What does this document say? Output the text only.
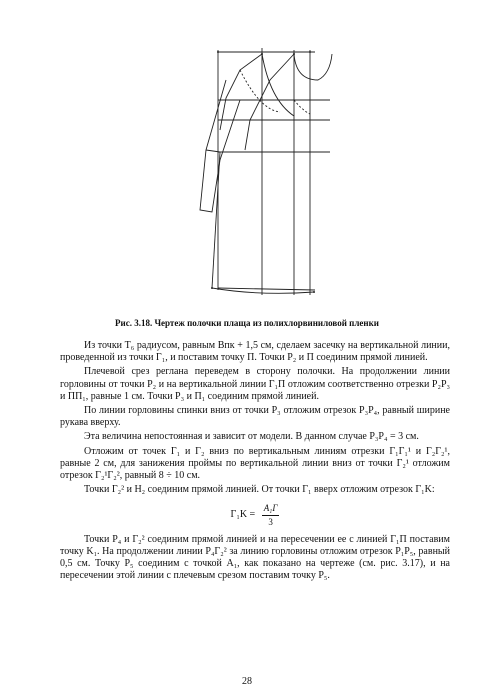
Рис. 3.18. Чертеж полочки плаща из полихлорвиниловой пленки

Из точки T₆ радиусом, равным Впк + 1,5 см, сделаем засечку на вертикальной линии, проведенной из точки Г₁, и поставим точку П. Точки P₂ и П соединим прямой линией.

Плечевой срез реглана переведем в сторону полочки. На продолжении линии горловины от точки P₂ и на вертикальной линии Г₁П отложим соответственно отрезки P₂P₃ и ПП₁, равные 1 см. Точки P₃ и П₁ соединим прямой линией.

По линии горловины спинки вниз от точки P₃ отложим отрезок P₃P₄, равный ширине рукава вверху.

Эта величина непостоянная и зависит от модели. В данном случае P₃P₄ = 3 см.

Отложим от точек Г₁ и Г₂ вниз по вертикальным линиям отрезки Г₁Г₁¹ и Г₂Г₂¹, равные 2 см, для занижения проймы по вертикальной линии вниз от точки Г₂¹ отложим отрезок Г₂¹Г₂², равный 8 ÷ 10 см.

Точки Г₂² и H₂ соединим прямой линией. От точки Г₁ вверх отложим отрезок Г₁K:

$Г_1K = \frac{\text{A₁Г}}{3}$

Точки P₄ и Г₂² соединим прямой линией и на пересечении ее с линией Г₁П поставим точку K₁. На продолжении линии P₄Г₂² за линию горловины отложим отрезок P₁P₅, равный 0,5 см. Точку P₅ соединим с точкой A₁, как показано на чертеже (см. рис. 3.17), и на пересечении этой линии с плечевым срезом поставим точку P₅.

28
